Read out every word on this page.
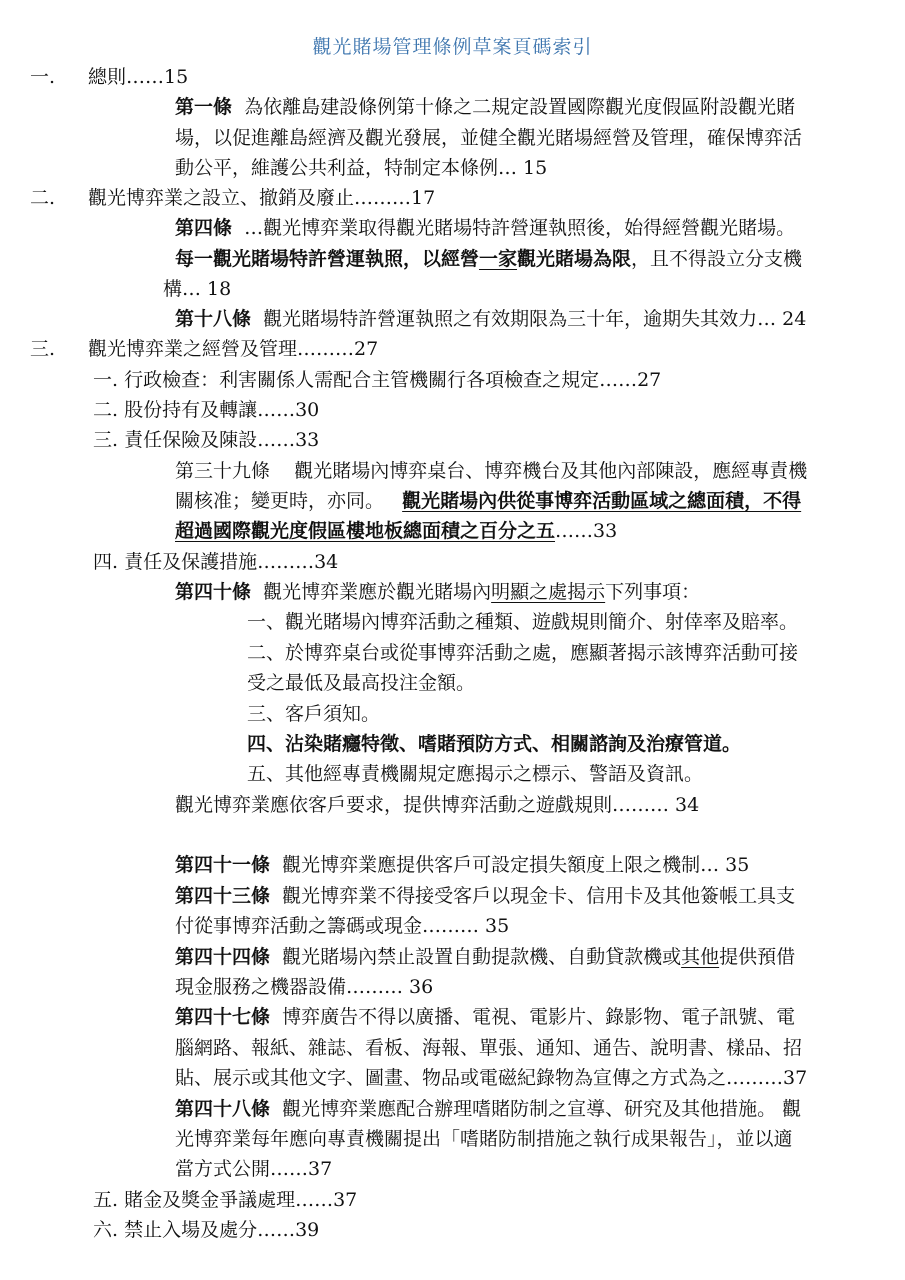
觀光賭場管理條例草案頁碼索引
一. 總則……15
第一條 為依離島建設條例第十條之二規定設置國際觀光度假區附設觀光賭
場，以促進離島經濟及觀光發展，並健全觀光賭場經營及管理，確保博弈活
動公平，維護公共利益，特制定本條例… 15
二. 觀光博弈業之設立、撤銷及廢止………17
第四條 …觀光博弈業取得觀光賭場特許營運執照後，始得經營觀光賭場。
每一觀光賭場特許營運執照，以經營一家觀光賭場為限，且不得設立分支機
構… 18
第十八條 觀光賭場特許營運執照之有效期限為三十年，逾期失其效力… 24
三. 觀光博弈業之經營及管理………27
一. 行政檢查：利害關係人需配合主管機關行各項檢查之規定……27
二. 股份持有及轉讓……30
三. 責任保險及陳設……33
第三十九條 觀光賭場內博弈桌台、博弈機台及其他內部陳設，應經專責機
關核准；變更時，亦同。 觀光賭場內供從事博弈活動區域之總面積，不得
超過國際觀光度假區樓地板總面積之百分之五……33
四. 責任及保護措施………34
第四十條 觀光博弈業應於觀光賭場內明顯之處揭示下列事項：
一、觀光賭場內博弈活動之種類、遊戲規則簡介、射倖率及賠率。
二、於博弈桌台或從事博弈活動之處，應顯著揭示該博弈活動可接
受之最低及最高投注金額。
三、客戶須知。
四、沾染賭癮特徵、嗜賭預防方式、相關諮詢及治療管道。
五、其他經專責機關規定應揭示之標示、警語及資訊。
觀光博弈業應依客戶要求，提供博弈活動之遊戲規則……… 34
第四十一條 觀光博弈業應提供客戶可設定損失額度上限之機制… 35
第四十三條 觀光博弈業不得接受客戶以現金卡、信用卡及其他簽帳工具支
付從事博弈活動之籌碼或現金……… 35
第四十四條 觀光賭場內禁止設置自動提款機、自動貸款機或其他提供預借
現金服務之機器設備……… 36
第四十七條 博弈廣告不得以廣播、電視、電影片、錄影物、電子訊號、電
腦網路、報紙、雜誌、看板、海報、單張、通知、通告、說明書、樣品、招
貼、展示或其他文字、圖畫、物品或電磁紀錄物為宣傳之方式為之………37
第四十八條 觀光博弈業應配合辦理嗜賭防制之宣導、研究及其他措施。 觀
光博弈業每年應向專責機關提出「嗜賭防制措施之執行成果報告」，並以適
當方式公開……37
五. 賭金及獎金爭議處理……37
六. 禁止入場及處分……39
